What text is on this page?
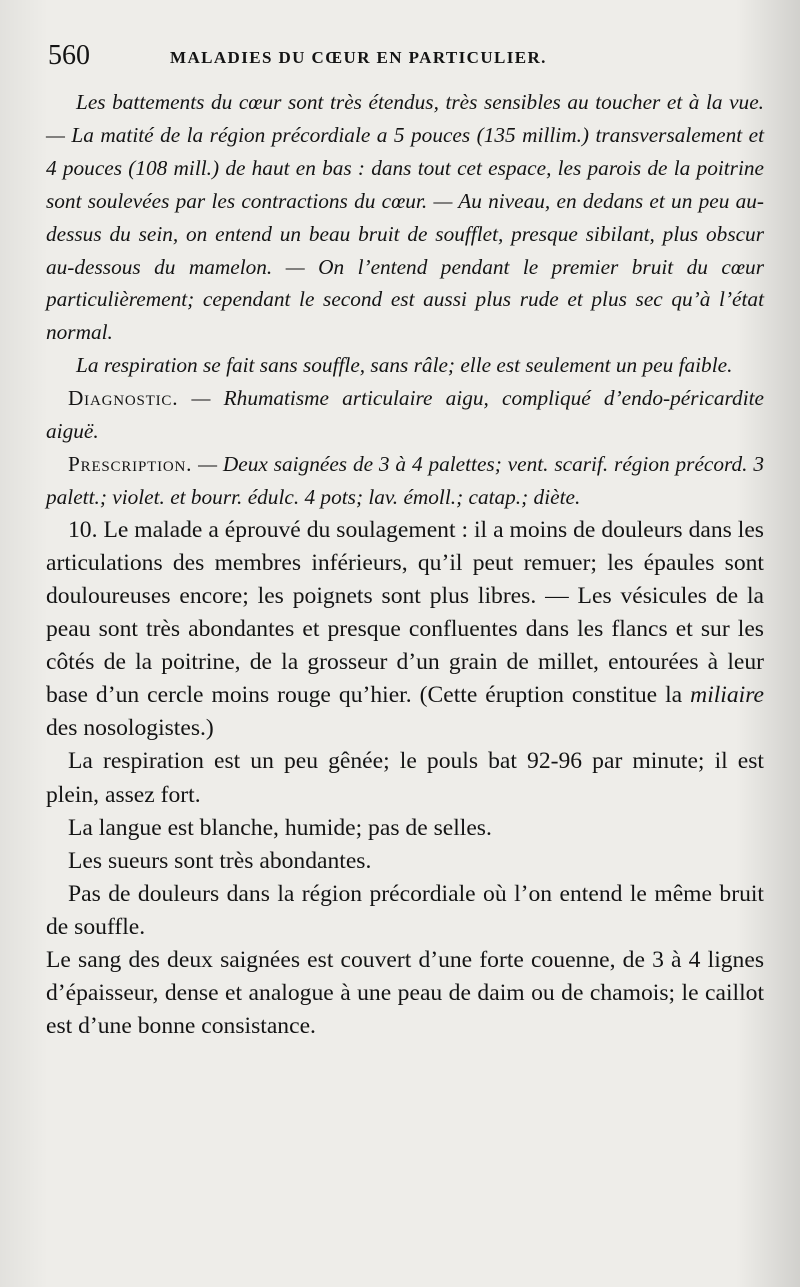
560	MALADIES DU CŒUR EN PARTICULIER.

Les battements du cœur sont très étendus, très sensibles au toucher et à la vue. — La matité de la région précordiale a 5 pouces (135 millim.) transversalement et 4 pouces (108 mill.) de haut en bas : dans tout cet espace, les parois de la poitrine sont soulevées par les contractions du cœur. — Au niveau, en dedans et un peu au-dessus du sein, on entend un beau bruit de soufflet, presque sibilant, plus obscur au-dessous du mamelon. — On l’entend pendant le premier bruit du cœur particulièrement; cependant le second est aussi plus rude et plus sec qu’à l’état normal.

La respiration se fait sans souffle, sans râle; elle est seulement un peu faible.

Diagnostic. — Rhumatisme articulaire aigu, compliqué d’endo-péricardite aiguë.

Prescription. — Deux saignées de 3 à 4 palettes; vent. scarif. région précord. 3 palett.; violet. et bourr. édulc. 4 pots; lav. émoll.; catap.; diète.

10. Le malade a éprouvé du soulagement : il a moins de douleurs dans les articulations des membres inférieurs, qu’il peut remuer; les épaules sont douloureuses encore; les poignets sont plus libres. — Les vésicules de la peau sont très abondantes et presque confluentes dans les flancs et sur les côtés de la poitrine, de la grosseur d’un grain de millet, entourées à leur base d’un cercle moins rouge qu’hier. (Cette éruption constitue la miliaire des nosologistes.)

La respiration est un peu gênée; le pouls bat 92-96 par minute; il est plein, assez fort.

La langue est blanche, humide; pas de selles.

Les sueurs sont très abondantes.

Pas de douleurs dans la région précordiale où l’on entend le même bruit de souffle.

Le sang des deux saignées est couvert d’une forte couenne, de 3 à 4 lignes d’épaisseur, dense et analogue à une peau de daim ou de chamois; le caillot est d’une bonne consistance.
